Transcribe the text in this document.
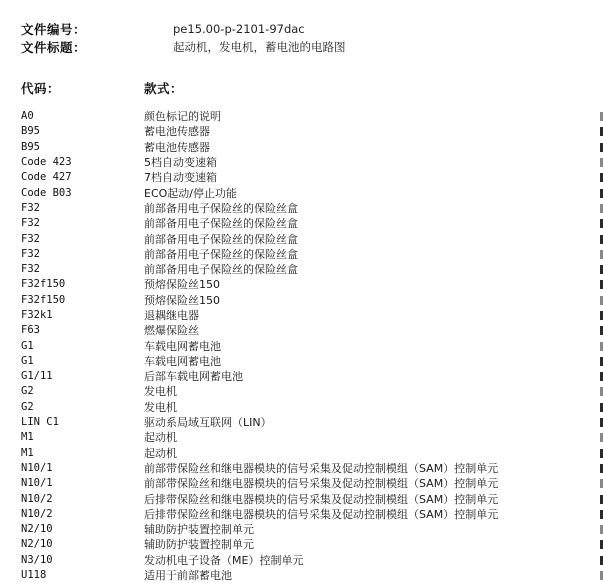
文件编号：	pe15.00-p-2101-97dac
文件标题：	起动机，发电机，蓄电池的电路图
代码：	款式：
A0	颜色标记的说明
B95	蓄电池传感器
B95	蓄电池传感器
Code 423	5档自动变速箱
Code 427	7档自动变速箱
Code B03	ECO起动/停止功能
F32	前部备用电子保险丝的保险丝盒
F32	前部备用电子保险丝的保险丝盒
F32	前部备用电子保险丝的保险丝盒
F32	前部备用电子保险丝的保险丝盒
F32	前部备用电子保险丝的保险丝盒
F32f150	预熔保险丝150
F32f150	预熔保险丝150
F32k1	退耦继电器
F63	燃爆保险丝
G1	车载电网蓄电池
G1	车载电网蓄电池
G1/11	后部车载电网蓄电池
G2	发电机
G2	发电机
LIN C1	驱动系局域互联网（LIN）
M1	起动机
M1	起动机
N10/1	前部带保险丝和继电器模块的信号采集及促动控制模组（SAM）控制单元
N10/1	前部带保险丝和继电器模块的信号采集及促动控制模组（SAM）控制单元
N10/2	后排带保险丝和继电器模块的信号采集及促动控制模组（SAM）控制单元
N10/2	后排带保险丝和继电器模块的信号采集及促动控制模组（SAM）控制单元
N2/10	辅助防护装置控制单元
N2/10	辅助防护装置控制单元
N3/10	发动机电子设备（ME）控制单元
U118	适用于前部蓄电池
